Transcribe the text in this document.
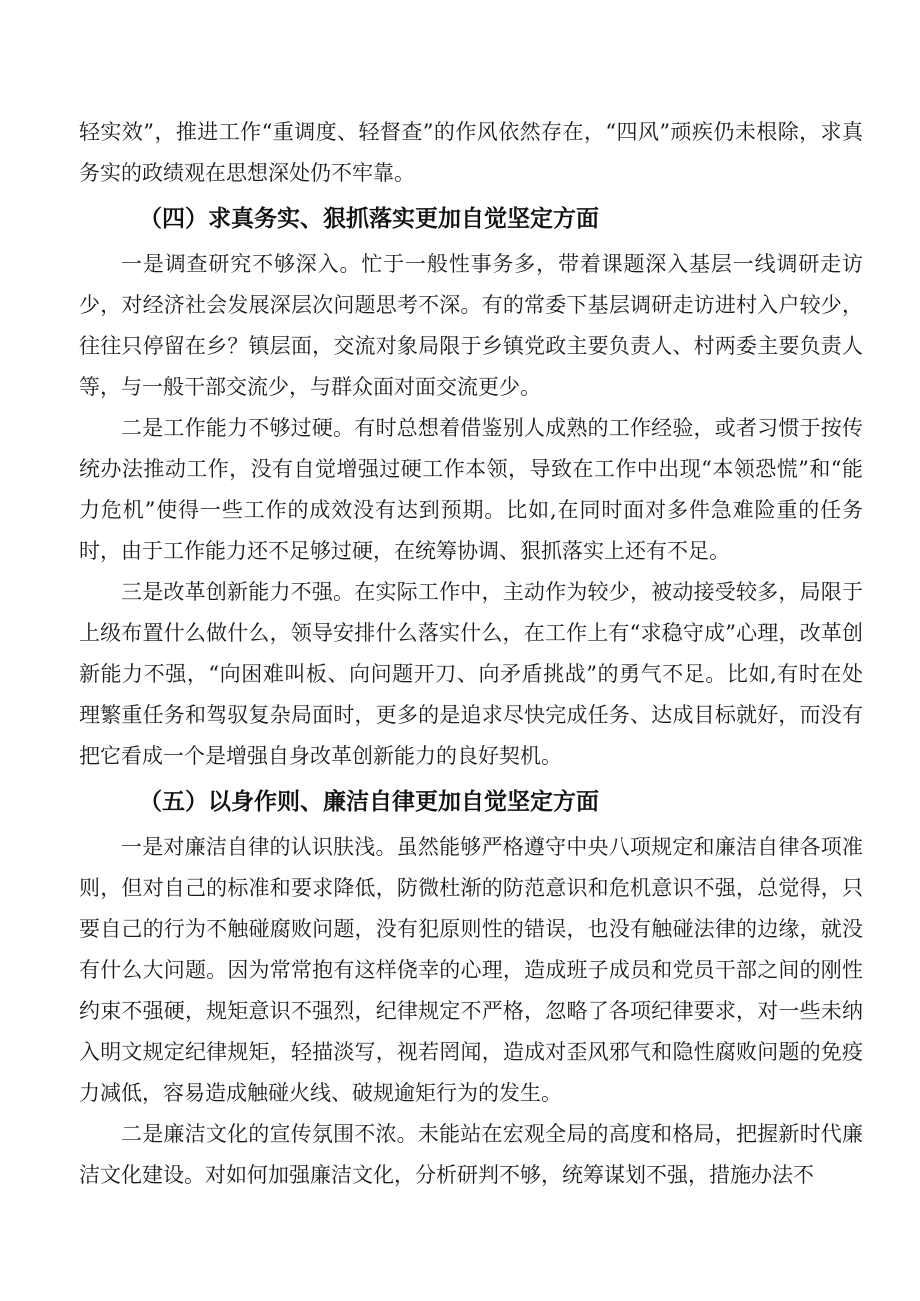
轻实效”，推进工作“重调度、轻督查”的作风依然存在，“四风”顽疾仍未根除，求真务实的政绩观在思想深处仍不牢靠。

（四）求真务实、狠抓落实更加自觉坚定方面

一是调查研究不够深入。忙于一般性事务多，带着课题深入基层一线调研走访少，对经济社会发展深层次问题思考不深。有的常委下基层调研走访进村入户较少，往往只停留在乡？镇层面，交流对象局限于乡镇党政主要负责人、村两委主要负责人等，与一般干部交流少，与群众面对面交流更少。

二是工作能力不够过硬。有时总想着借鉴别人成熟的工作经验，或者习惯于按传统办法推动工作，没有自觉增强过硬工作本领，导致在工作中出现“本领恐慌”和“能力危机”使得一些工作的成效没有达到预期。比如,在同时面对多件急难险重的任务时，由于工作能力还不足够过硬，在统筹协调、狠抓落实上还有不足。

三是改革创新能力不强。在实际工作中，主动作为较少，被动接受较多，局限于上级布置什么做什么，领导安排什么落实什么，在工作上有“求稳守成”心理，改革创新能力不强，“向困难叫板、向问题开刀、向矛盾挑战”的勇气不足。比如,有时在处理繁重任务和驾驭复杂局面时，更多的是追求尽快完成任务、达成目标就好，而没有把它看成一个是增强自身改革创新能力的良好契机。

（五）以身作则、廉洁自律更加自觉坚定方面

一是对廉洁自律的认识肤浅。虽然能够严格遵守中央八项规定和廉洁自律各项准则，但对自己的标准和要求降低，防微杜渐的防范意识和危机意识不强，总觉得，只要自己的行为不触碰腐败问题，没有犯原则性的错误，也没有触碰法律的边缘，就没有什么大问题。因为常常抱有这样侥幸的心理，造成班子成员和党员干部之间的刚性约束不强硬，规矩意识不强烈，纪律规定不严格，忽略了各项纪律要求，对一些未纳入明文规定纪律规矩，轻描淡写，视若罔闻，造成对歪风邪气和隐性腐败问题的免疫力减低，容易造成触碰火线、破规逾矩行为的发生。

二是廉洁文化的宣传氛围不浓。未能站在宏观全局的高度和格局，把握新时代廉洁文化建设。对如何加强廉洁文化，分析研判不够，统筹谋划不强，措施办法不
